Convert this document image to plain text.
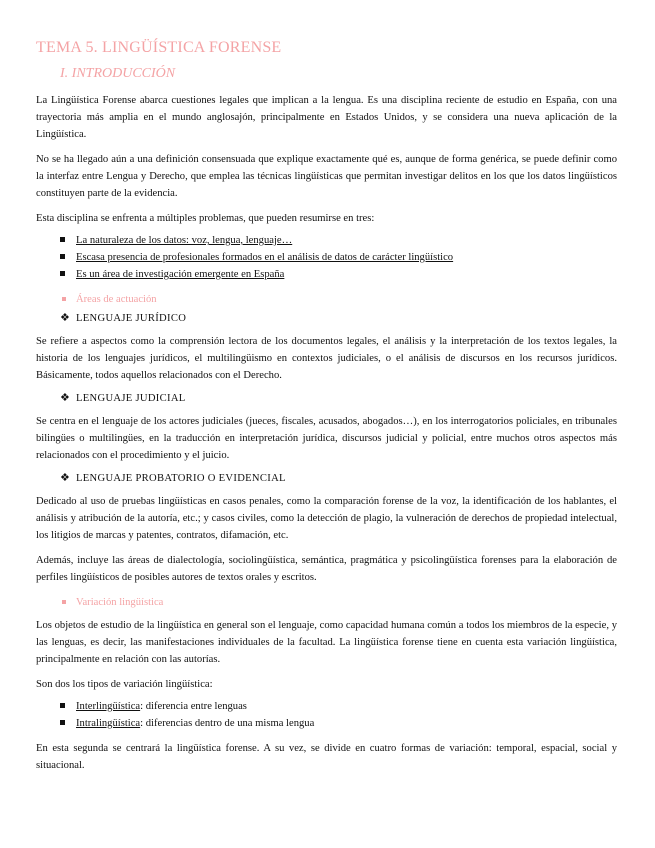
TEMA 5. LINGÜÍSTICA FORENSE
I. INTRODUCCIÓN

La Lingüística Forense abarca cuestiones legales que implican a la lengua. Es una disciplina reciente de estudio en España, con una trayectoria más amplia en el mundo anglosajón, principalmente en Estados Unidos, y se considera una nueva aplicación de la Lingüística.

No se ha llegado aún a una definición consensuada que explique exactamente qué es, aunque de forma genérica, se puede definir como la interfaz entre Lengua y Derecho, que emplea las técnicas lingüísticas que permitan investigar delitos en los que los datos lingüísticos constituyen parte de la evidencia.

Esta disciplina se enfrenta a múltiples problemas, que pueden resumirse en tres:

La naturaleza de los datos: voz, lengua, lenguaje…
Escasa presencia de profesionales formados en el análisis de datos de carácter lingüístico
Es un área de investigación emergente en España
Áreas de actuación
❖ LENGUAJE JURÍDICO

Se refiere a aspectos como la comprensión lectora de los documentos legales, el análisis y la interpretación de los textos legales, la historia de los lenguajes jurídicos, el multilingüismo en contextos judiciales, o el análisis de discursos en los recursos jurídicos. Básicamente, todos aquellos relacionados con el Derecho.

❖ LENGUAJE JUDICIAL

Se centra en el lenguaje de los actores judiciales (jueces, fiscales, acusados, abogados…), en los interrogatorios policiales, en tribunales bilingües o multilingües, en la traducción en interpretación jurídica, discursos judicial y policial, entre muchos otros aspectos más relacionados con el procedimiento y el juicio.

❖ LENGUAJE PROBATORIO O EVIDENCIAL

Dedicado al uso de pruebas lingüísticas en casos penales, como la comparación forense de la voz, la identificación de los hablantes, el análisis y atribución de la autoría, etc.; y casos civiles, como la detección de plagio, la vulneración de derechos de propiedad intelectual, los litigios de marcas y patentes, contratos, difamación, etc.

Además, incluye las áreas de dialectología, sociolingüística, semántica, pragmática y psicolingüística forenses para la elaboración de perfiles lingüísticos de posibles autores de textos orales y escritos.

Variación lingüística

Los objetos de estudio de la lingüística en general son el lenguaje, como capacidad humana común a todos los miembros de la especie, y las lenguas, es decir, las manifestaciones individuales de la facultad. La lingüística forense tiene en cuenta esta variación lingüística, principalmente en relación con las autorías.

Son dos los tipos de variación lingüística:

Interlingüística: diferencia entre lenguas
Intralingüística: diferencias dentro de una misma lengua

En esta segunda se centrará la lingüística forense. A su vez, se divide en cuatro formas de variación: temporal, espacial, social y situacional.
